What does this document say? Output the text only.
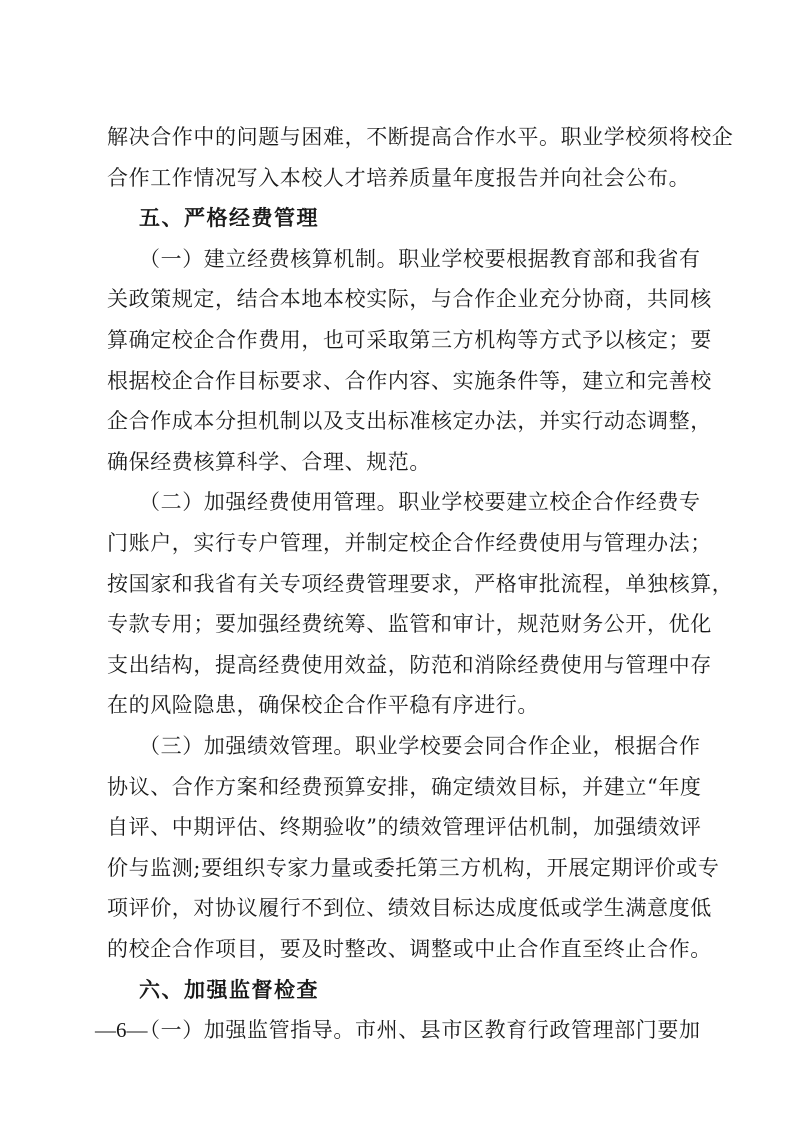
解决合作中的问题与困难，不断提高合作水平。职业学校须将校企
合作工作情况写入本校人才培养质量年度报告并向社会公布。
五、严格经费管理
（一）建立经费核算机制。职业学校要根据教育部和我省有
关政策规定，结合本地本校实际，与合作企业充分协商，共同核
算确定校企合作费用，也可采取第三方机构等方式予以核定；要
根据校企合作目标要求、合作内容、实施条件等，建立和完善校
企合作成本分担机制以及支出标准核定办法，并实行动态调整，
确保经费核算科学、合理、规范。
（二）加强经费使用管理。职业学校要建立校企合作经费专
门账户，实行专户管理，并制定校企合作经费使用与管理办法；
按国家和我省有关专项经费管理要求，严格审批流程，单独核算，
专款专用；要加强经费统筹、监管和审计，规范财务公开，优化
支出结构，提高经费使用效益，防范和消除经费使用与管理中存
在的风险隐患，确保校企合作平稳有序进行。
（三）加强绩效管理。职业学校要会同合作企业，根据合作
协议、合作方案和经费预算安排，确定绩效目标，并建立“年度
自评、中期评估、终期验收”的绩效管理评估机制，加强绩效评
价与监测;要组织专家力量或委托第三方机构，开展定期评价或专
项评价，对协议履行不到位、绩效目标达成度低或学生满意度低
的校企合作项目，要及时整改、调整或中止合作直至终止合作。
六、加强监督检查
（一）加强监管指导。市州、县市区教育行政管理部门要加
—6—
